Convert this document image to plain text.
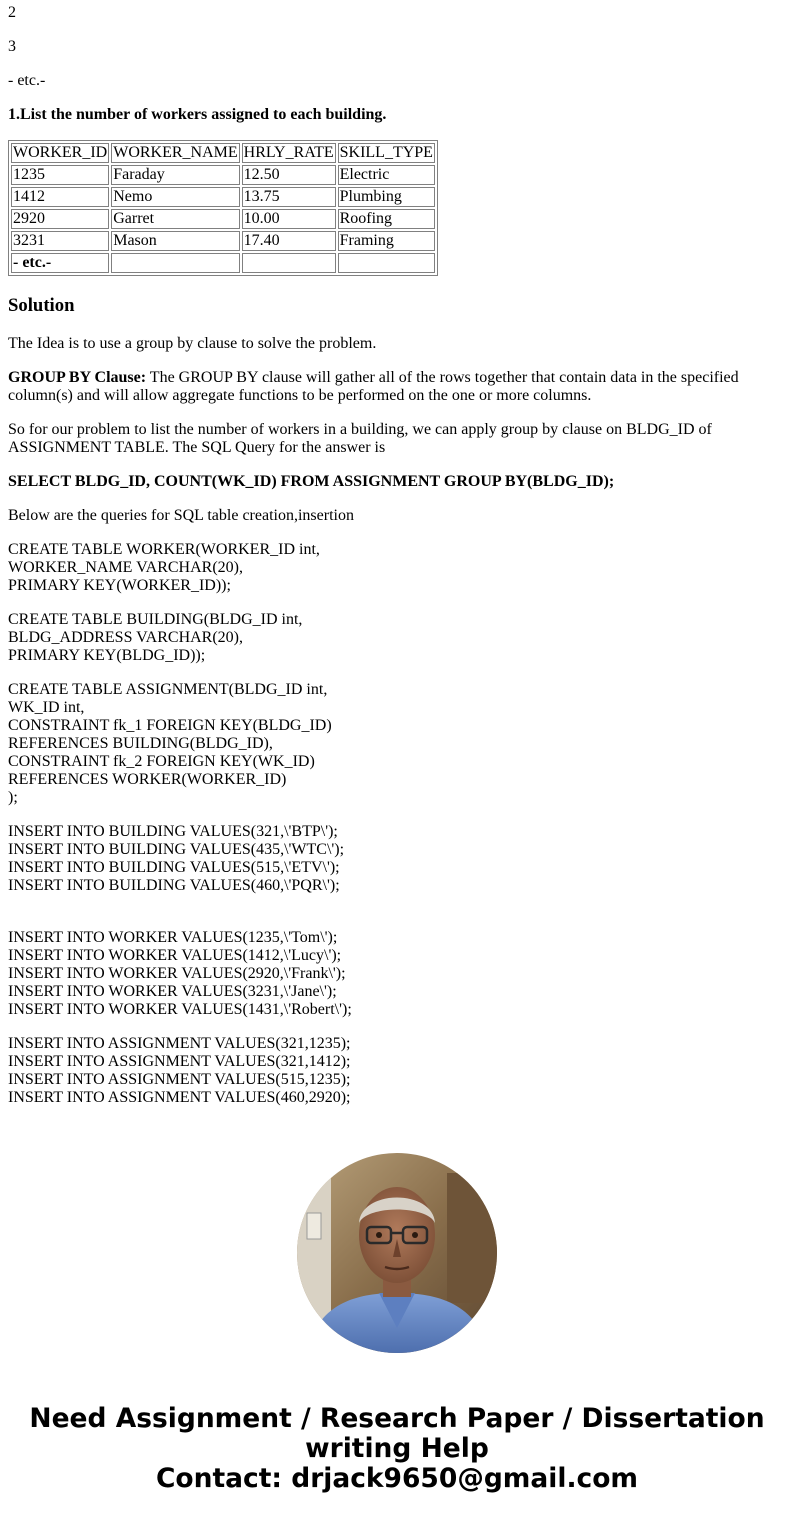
2

3

- etc.-

1.List the number of workers assigned to each building.

WORKER_ID	WORKER_NAME	HRLY_RATE	SKILL_TYPE
1235	Faraday	12.50	Electric
1412	Nemo	13.75	Plumbing
2920	Garret	10.00	Roofing
3231	Mason	17.40	Framing
- etc.-			
Solution

The Idea is to use a group by clause to solve the problem.

GROUP BY Clause: The GROUP BY clause will gather all of the rows together that contain data in the specified column(s) and will allow aggregate functions to be performed on the one or more columns.

So for our problem to list the number of workers in a building, we can apply group by clause on BLDG_ID of ASSIGNMENT TABLE. The SQL Query for the answer is

SELECT BLDG_ID, COUNT(WK_ID) FROM ASSIGNMENT GROUP BY(BLDG_ID);

Below are the queries for SQL table creation,insertion

CREATE TABLE WORKER(WORKER_ID int,
WORKER_NAME VARCHAR(20),
PRIMARY KEY(WORKER_ID));
CREATE TABLE BUILDING(BLDG_ID int,
BLDG_ADDRESS VARCHAR(20),
PRIMARY KEY(BLDG_ID));
CREATE TABLE ASSIGNMENT(BLDG_ID int,
WK_ID int,
CONSTRAINT fk_1 FOREIGN KEY(BLDG_ID)
REFERENCES BUILDING(BLDG_ID),
CONSTRAINT fk_2 FOREIGN KEY(WK_ID)
REFERENCES WORKER(WORKER_ID)
);
INSERT INTO BUILDING VALUES(321,\'BTP\');
INSERT INTO BUILDING VALUES(435,\'WTC\');
INSERT INTO BUILDING VALUES(515,\'ETV\');
INSERT INTO BUILDING VALUES(460,\'PQR\');
INSERT INTO WORKER VALUES(1235,\'Tom\');
INSERT INTO WORKER VALUES(1412,\'Lucy\');
INSERT INTO WORKER VALUES(2920,\'Frank\');
INSERT INTO WORKER VALUES(3231,\'Jane\');
INSERT INTO WORKER VALUES(1431,\'Robert\');
INSERT INTO ASSIGNMENT VALUES(321,1235);
INSERT INTO ASSIGNMENT VALUES(321,1412);
INSERT INTO ASSIGNMENT VALUES(515,1235);
INSERT INTO ASSIGNMENT VALUES(460,2920);
Need Assignment / Research Paper / Dissertation
writing Help
Contact: drjack9650@gmail.com
